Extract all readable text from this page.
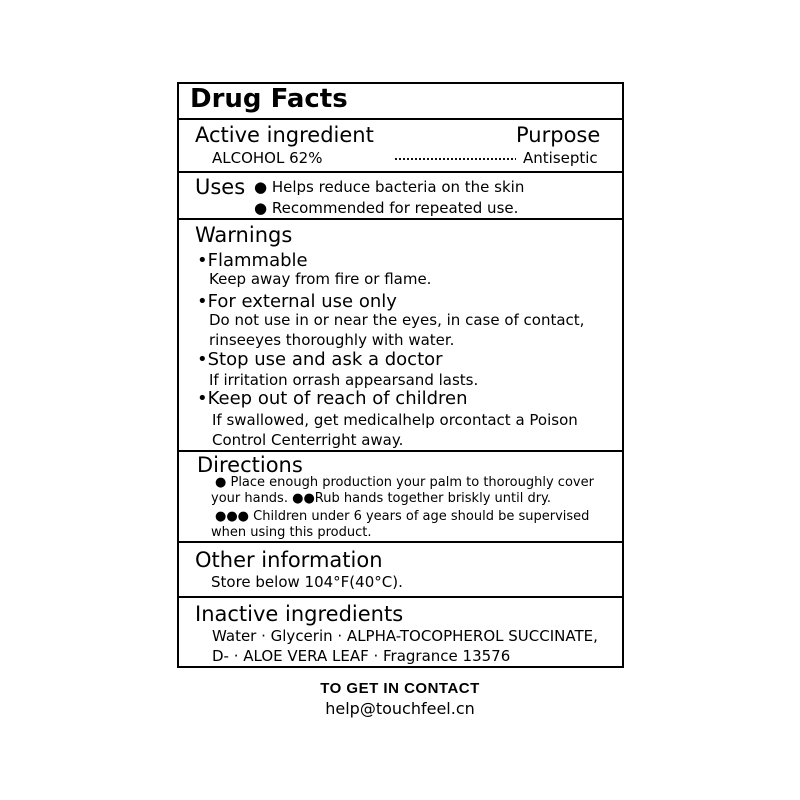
Drug Facts
Active ingredient	Purpose
ALCOHOL 62%	Antiseptic
Uses ● Helps reduce bacteria on the skin
● Recommended for repeated use.
Warnings
•Flammable
Keep away from fire or flame.
•For external use only
Do not use in or near the eyes, in case of contact,
rinseeyes thoroughly with water.
•Stop use and ask a doctor
If irritation orrash appearsand lasts.
•Keep out of reach of children
If swallowed, get medicalhelp orcontact a Poison
Control Centerright away.
Directions
● Place enough production your palm to thoroughly cover
your hands. ●●Rub hands together briskly until dry.
●●● Children under 6 years of age should be supervised
when using this product.
Other information
Store below 104°F(40°C).
Inactive ingredients
Water · Glycerin · ALPHA-TOCOPHEROL SUCCINATE,
D- · ALOE VERA LEAF · Fragrance 13576
TO GET IN CONTACT
help@touchfeel.cn
